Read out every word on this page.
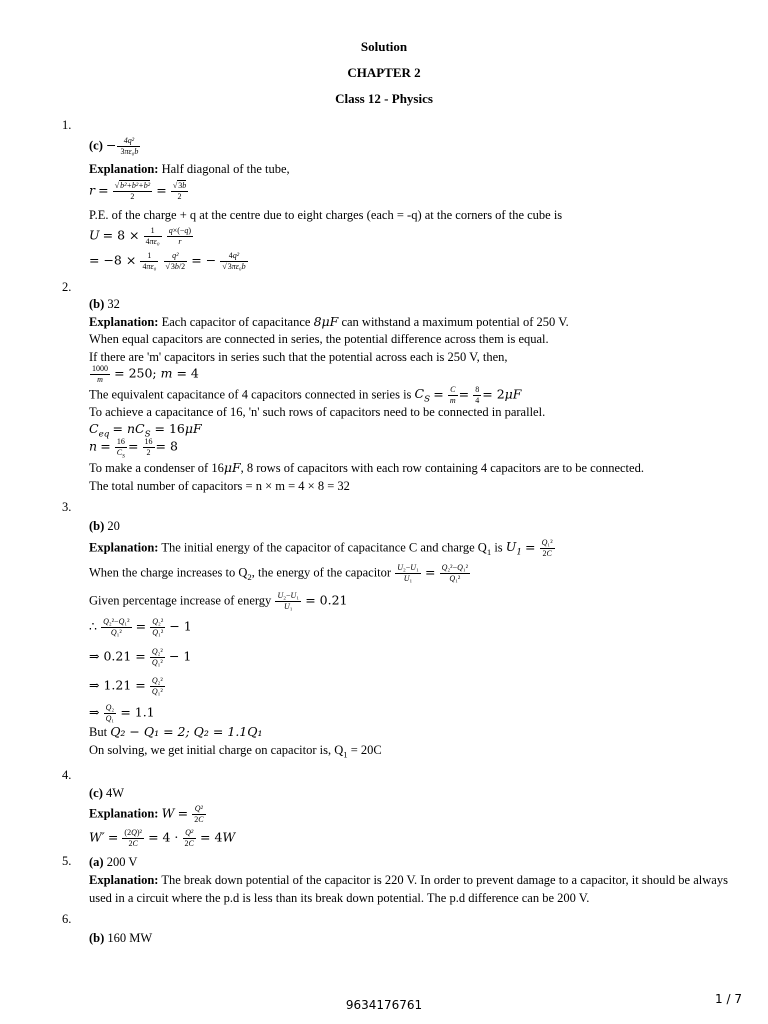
Solution
CHAPTER 2
Class 12 - Physics
1.
$(c) - \frac{\text{4q²}}{\text{3πε₀b}}$
Explanation: Half diagonal of the tube,
$r = \frac{\text{√b²+b²+b²}}{2} = \frac{√3b}{2}$
P.E. of the charge + q at the centre due to eight charges (each = -q) at the corners of the cube is
$U = 8 \times \frac{1}{\text{4πε₀}}$
$\frac{q\times(-q)}{r}$
= $-8 \times \frac{1}{\text{4πε₀}}$
$\frac{\text{q²}}{√3b/2}$ = − $\frac{\text{4q²}}{\text{√3πε₀b}}$
2.
(b) 32
Explanation: Each capacitor of capacitance 8μF can withstand a maximum potential of 250 V.
When equal capacitors are connected in series, the potential difference across them is equal.
If there are 'm' capacitors in series such that the potential across each is 250 V, then,
$\frac{1000}{m} = 250$; m = 4
The equivalent capacitance of 4 capacitors connected in series is $C_S = \frac{C}{m} = \frac{8}{4} = 2\mu F$
To achieve a capacitance of 16, 'n' such rows of capacitors need to be connected in parallel.
$C_{eq} = nC_S = 16\mu F$
$n = \frac{16}{C_S} = \frac{16}{2} = 8$
To make a condenser of 16μF, 8 rows of capacitors with each row containing 4 capacitors are to be connected.
The total number of capacitors = n × m = 4 × 8 = 32
3.
(b) 20
Explanation: The initial energy of the capacitor of capacitance C and charge $Q_1$ is $U_1 = \frac{\text{Q₁²}}{2C}$
When the charge increases to $Q_2$, the energy of the capacitor $\frac{\text{U₂−U₁}}{\text{U₁}} = \frac{\text{Q₂²−Q₁²}}{\text{Q₁²}}$
Given percentage increase of energy $\frac{\text{U₂−U₁}}{\text{U₁}} = 0.21$
∴ $\frac{\text{Q₂²−Q₁²}}{\text{Q₁²}} = \frac{\text{Q₂²}}{\text{Q₁²}} - 1$
⇒ $0.21 = \frac{\text{Q₂²}}{\text{Q₁²}} - 1$
⇒ $1.21 = \frac{\text{Q₂²}}{\text{Q₁²}}$
⇒ $\frac{\text{Q₂}}{\text{Q₁}} = 1.1$
But Q₂ − Q₁ = 2; Q₂ = 1.1Q₁
On solving, we get initial charge on capacitor is, $Q_1 = 20C$
4.
(c) 4W
Explanation: $W = \frac{\text{Q²}}{2C}$
$W' = \frac{\text{(2Q)²}}{2C} = 4 \cdot \frac{\text{Q²}}{2C} = 4W$
5. (a) 200 V
Explanation: The break down potential of the capacitor is 220 V. In order to prevent damage to a capacitor, it should be always used in a circuit where the p.d is less than its break down potential. The p.d difference can be 200 V.
6.
(b) 160 MW
9634176761	1 / 7
